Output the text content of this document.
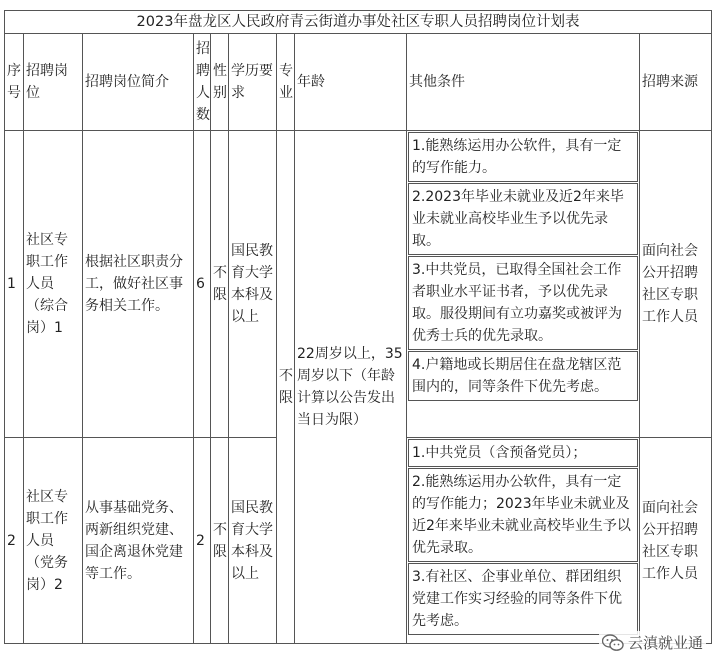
2023年盘龙区人民政府青云街道办事处社区专职人员招聘岗位计划表									
序号	招聘岗位	招聘岗位简介	招聘人数	性别	学历要求	专业	年龄	其他条件	招聘来源
1	社区专职工作人员（综合岗）1	根据社区职责分工，做好社区事务相关工作。	6	不限	国民教育大学本科及以上	不限	22周岁以上，35周岁以下（年龄计算以公告发出当日为限）	1.能熟练运用办公软件，具有一定的写作能力。
2.2023年毕业未就业及近2年来毕业未就业高校毕业生予以优先录取。
3.中共党员，已取得全国社会工作者职业水平证书者，予以优先录取。服役期间有立功嘉奖或被评为优秀士兵的优先录取。
4.户籍地或长期居住在盘龙辖区范围内的，同等条件下优先考虑。	面向社会公开招聘社区专职工作人员
2	社区专职工作人员（党务岗）2	从事基础党务、两新组织党建、国企离退休党建等工作。	2	不限	国民教育大学本科及以上			1.中共党员（含预备党员）；
2.能熟练运用办公软件，具有一定的写作能力；2023年毕业未就业及近2年来毕业未就业高校毕业生予以优先录取。
3.有社区、企事业单位、群团组织党建工作实习经验的同等条件下优先考虑。	面向社会公开招聘社区专职工作人员
云滇就业通
